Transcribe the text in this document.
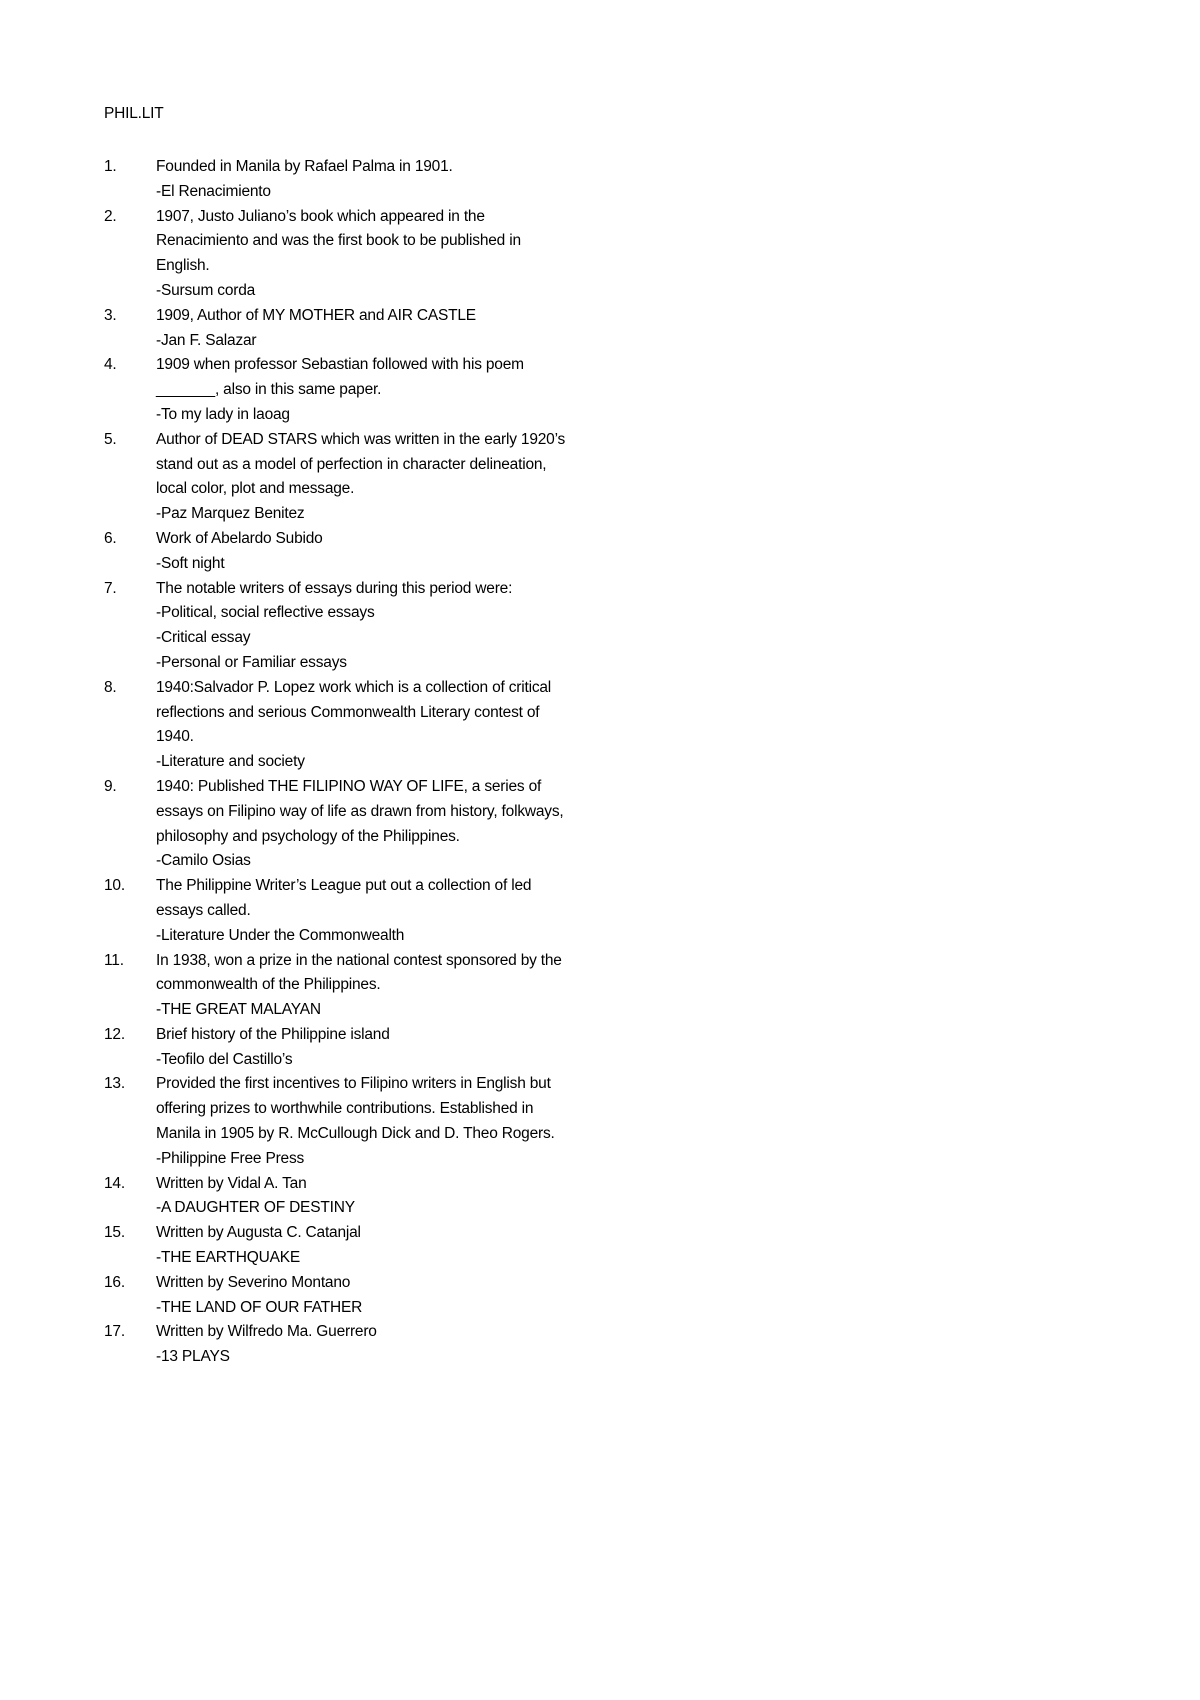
PHIL.LIT
1.	Founded in Manila by Rafael Palma in 1901.
-El Renacimiento
2.	1907, Justo Juliano’s book which appeared in the Renacimiento and was the first book to be published in English.
-Sursum corda
3.	1909, Author of MY MOTHER and AIR CASTLE
-Jan F. Salazar
4.	1909 when professor Sebastian followed with his poem _______, also in this same paper.
-To my lady in laoag
5.	Author of DEAD STARS which was written in the early 1920’s stand out as a model of perfection in character delineation, local color, plot and message.
-Paz Marquez Benitez
6.	Work of Abelardo Subido
-Soft night
7.	The notable writers of essays during this period were:
-Political, social reflective essays
-Critical essay
-Personal or Familiar essays
8.	1940:Salvador P. Lopez work which is a collection of critical reflections and serious Commonwealth Literary contest of 1940.
-Literature and society
9.	1940: Published THE FILIPINO WAY OF LIFE, a series of essays on Filipino way of life as drawn from history, folkways, philosophy and psychology of the Philippines.
-Camilo Osias
10. The Philippine Writer’s League put out a collection of led essays called.
-Literature Under the Commonwealth
11. In 1938, won a prize in the national contest sponsored by the commonwealth of the Philippines.
-THE GREAT MALAYAN
12. Brief history of the Philippine island
-Teofilo del Castillo’s
13. Provided the first incentives to Filipino writers in English but offering prizes to worthwhile contributions. Established in Manila in 1905 by R. McCullough Dick and D. Theo Rogers.
-Philippine Free Press
14. Written by Vidal A. Tan
-A DAUGHTER OF DESTINY
15. Written by Augusta C. Catanjal
-THE EARTHQUAKE
16. Written by Severino Montano
-THE LAND OF OUR FATHER
17. Written by Wilfredo Ma. Guerrero
-13 PLAYS
